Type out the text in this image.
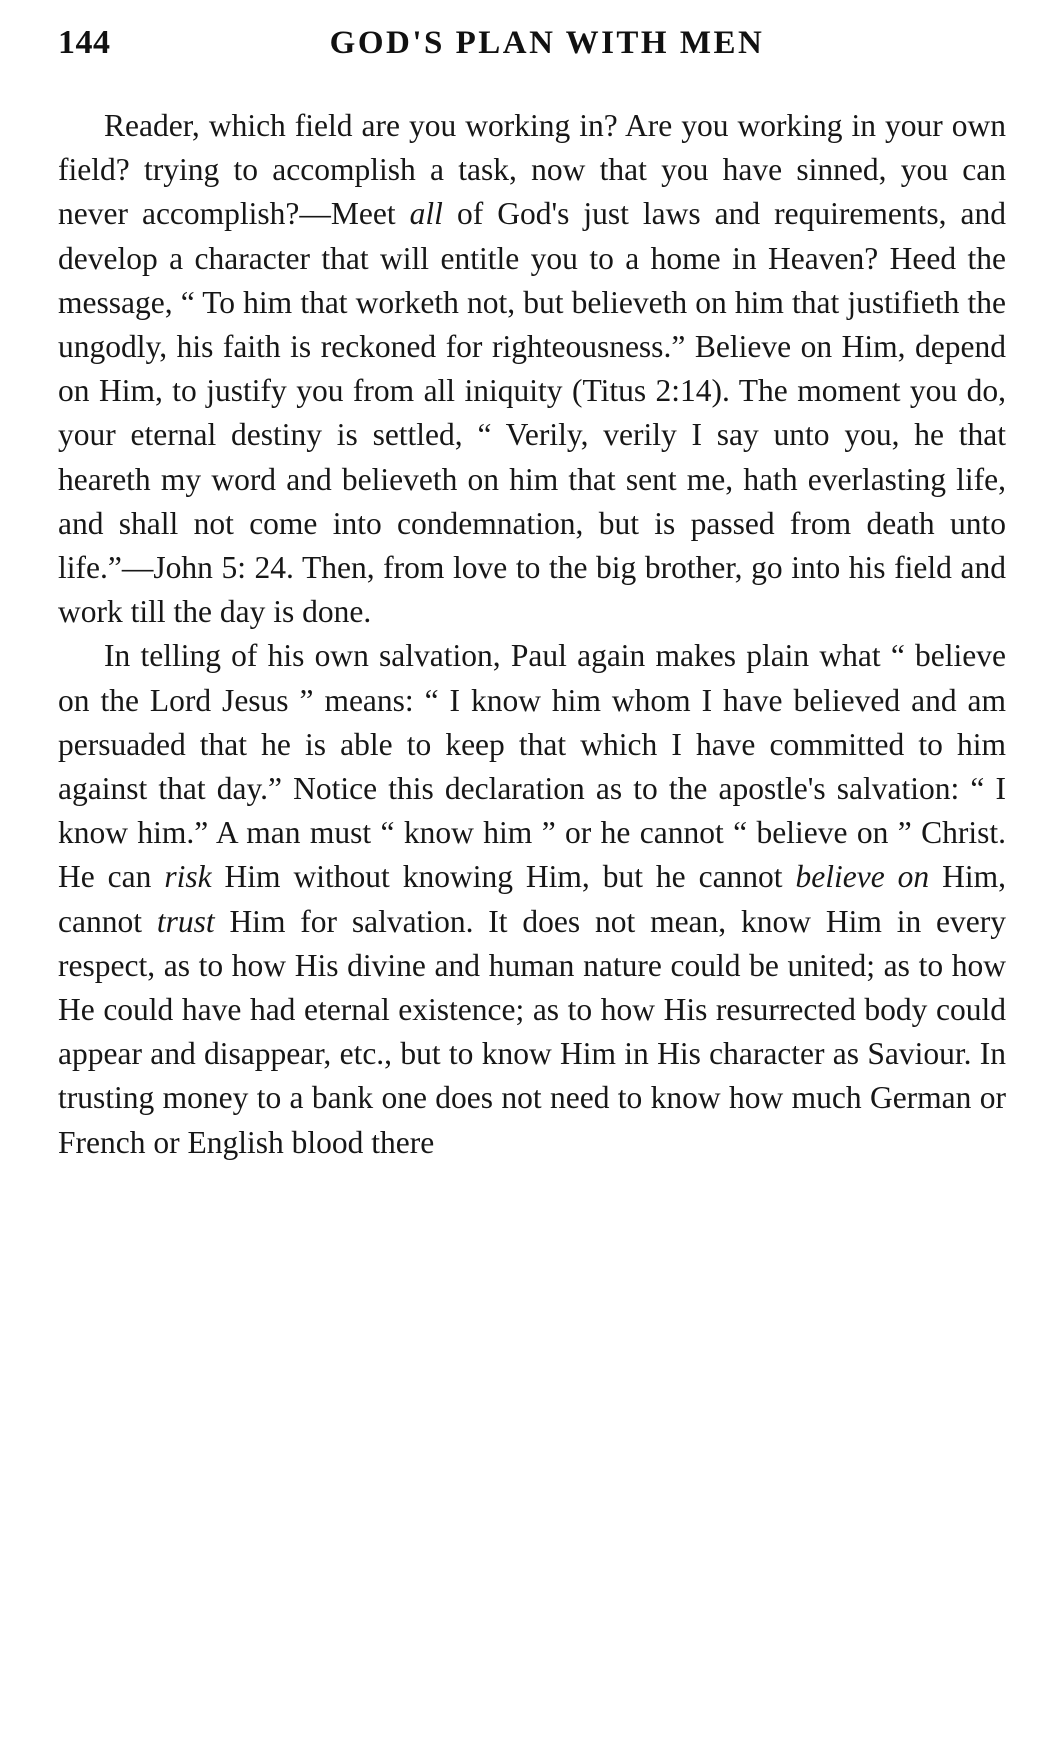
144	GOD'S PLAN WITH MEN

Reader, which field are you working in? Are you working in your own field? trying to accomplish a task, now that you have sinned, you can never accomplish?—Meet all of God's just laws and requirements, and develop a character that will entitle you to a home in Heaven? Heed the message, “ To him that worketh not, but believeth on him that justifieth the ungodly, his faith is reckoned for righteousness.” Believe on Him, depend on Him, to justify you from all iniquity (Titus 2:14). The moment you do, your eternal destiny is settled, “ Verily, verily I say unto you, he that heareth my word and believeth on him that sent me, hath everlasting life, and shall not come into condemnation, but is passed from death unto life.”—John 5: 24. Then, from love to the big brother, go into his field and work till the day is done.

In telling of his own salvation, Paul again makes plain what “ believe on the Lord Jesus ” means: “ I know him whom I have believed and am persuaded that he is able to keep that which I have committed to him against that day.” Notice this declaration as to the apostle's salvation: “ I know him.” A man must “ know him ” or he cannot “ believe on ” Christ. He can risk Him without knowing Him, but he cannot believe on Him, cannot trust Him for salvation. It does not mean, know Him in every respect, as to how His divine and human nature could be united; as to how He could have had eternal existence; as to how His resurrected body could appear and disappear, etc., but to know Him in His character as Saviour. In trusting money to a bank one does not need to know how much German or French or English blood there
